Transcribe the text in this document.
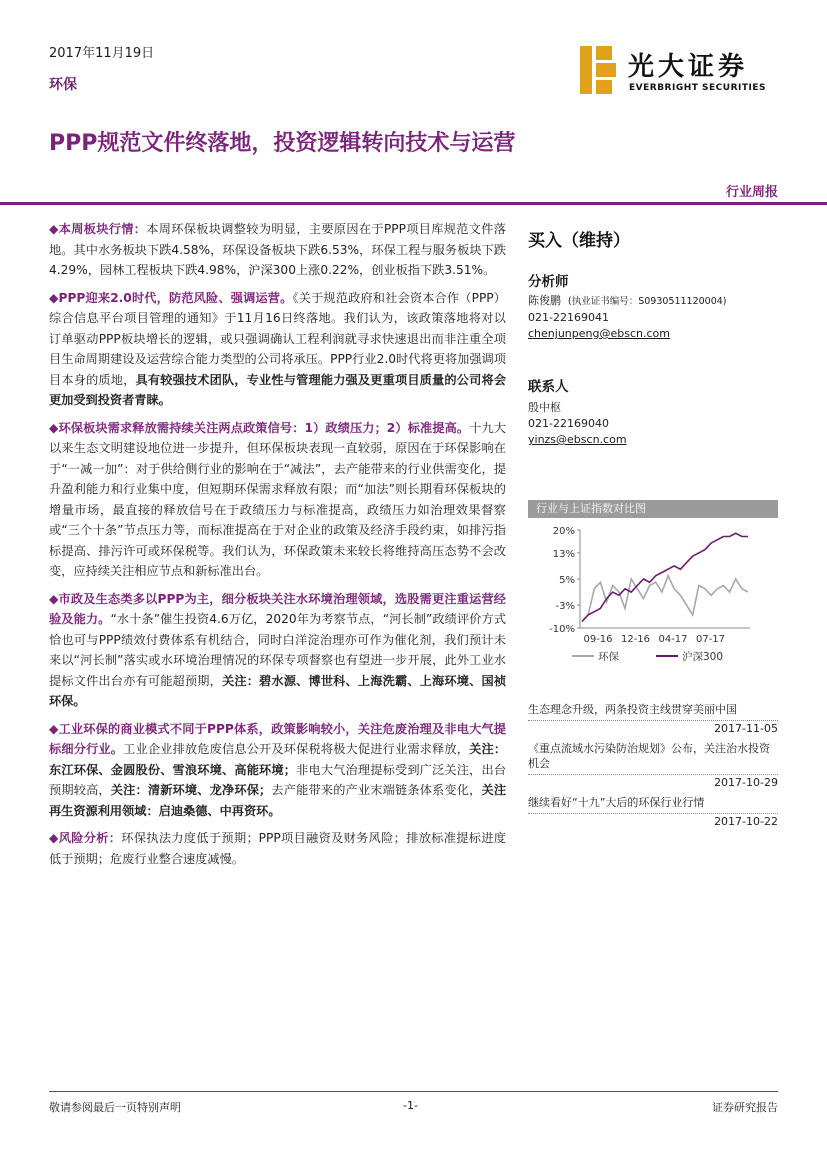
2017年11月19日
环保
光大证券
EVERBRIGHT SECURITIES
PPP规范文件终落地，投资逻辑转向技术与运营
行业周报

◆本周板块行情：本周环保板块调整较为明显，主要原因在于PPP项目库规范文件落地。其中水务板块下跌4.58%，环保设备板块下跌6.53%，环保工程与服务板块下跌4.29%，园林工程板块下跌4.98%，沪深300上涨0.22%，创业板指下跌3.51%。

◆PPP迎来2.0时代，防范风险、强调运营。《关于规范政府和社会资本合作（PPP）综合信息平台项目管理的通知》于11月16日终落地。我们认为，该政策落地将对以订单驱动PPP板块增长的逻辑，或只强调确认工程利润就寻求快速退出而非注重全项目生命周期建设及运营综合能力类型的公司将承压。PPP行业2.0时代将更将加强调项目本身的质地，具有较强技术团队，专业性与管理能力强及更重项目质量的公司将会更加受到投资者青睐。

◆环保板块需求释放需持续关注两点政策信号：1）政绩压力；2）标准提高。十九大以来生态文明建设地位进一步提升，但环保板块表现一直较弱，原因在于环保影响在于“一减一加”：对于供给侧行业的影响在于“减法”，去产能带来的行业供需变化，提升盈利能力和行业集中度，但短期环保需求释放有限；而“加法”则长期看环保板块的增量市场，最直接的释放信号在于政绩压力与标准提高，政绩压力如治理效果督察或“三个十条”节点压力等，而标准提高在于对企业的政策及经济手段约束，如排污指标提高、排污许可或环保税等。我们认为，环保政策未来较长将维持高压态势不会改变，应持续关注相应节点和新标准出台。

◆市政及生态类多以PPP为主，细分板块关注水环境治理领域，选股需更注重运营经验及能力。“水十条”催生投资4.6万亿，2020年为考察节点，“河长制”政绩评价方式恰也可与PPP绩效付费体系有机结合，同时白洋淀治理亦可作为催化剂，我们预计未来以“河长制”落实或水环境治理情况的环保专项督察也有望进一步开展，此外工业水提标文件出台亦有可能超预期，关注：碧水源、博世科、上海洗霸、上海环境、国祯环保。

◆工业环保的商业模式不同于PPP体系，政策影响较小，关注危废治理及非电大气提标细分行业。工业企业排放危废信息公开及环保税将极大促进行业需求释放，关注：东江环保、金圆股份、雪浪环境、高能环境；非电大气治理提标受到广泛关注，出台预期较高，关注：清新环境、龙净环保；去产能带来的产业末端链条体系变化，关注再生资源利用领域：启迪桑德、中再资环。

◆风险分析：环保执法力度低于预期；PPP项目融资及财务风险；排放标准提标进度低于预期；危废行业整合速度减慢。

买入（维持）
分析师
陈俊鹏 (执业证书编号：S0930511120004)
021-22169041
chenjunpeng@ebscn.com
联系人
殷中枢
021-22169040
yinzs@ebscn.com
行业与上证指数对比图
20%
13%
5%
-3%
-10%
09-16 12-16 04-17 07-17
环保	沪深300
生态理念升级，两条投资主线贯穿美丽中国
2017-11-05
《重点流域水污染防治规划》公布，关注治水投资机会
2017-10-29
继续看好“十九”大后的环保行业行情
2017-10-22
敬请参阅最后一页特别声明	-1-	证券研究报告
